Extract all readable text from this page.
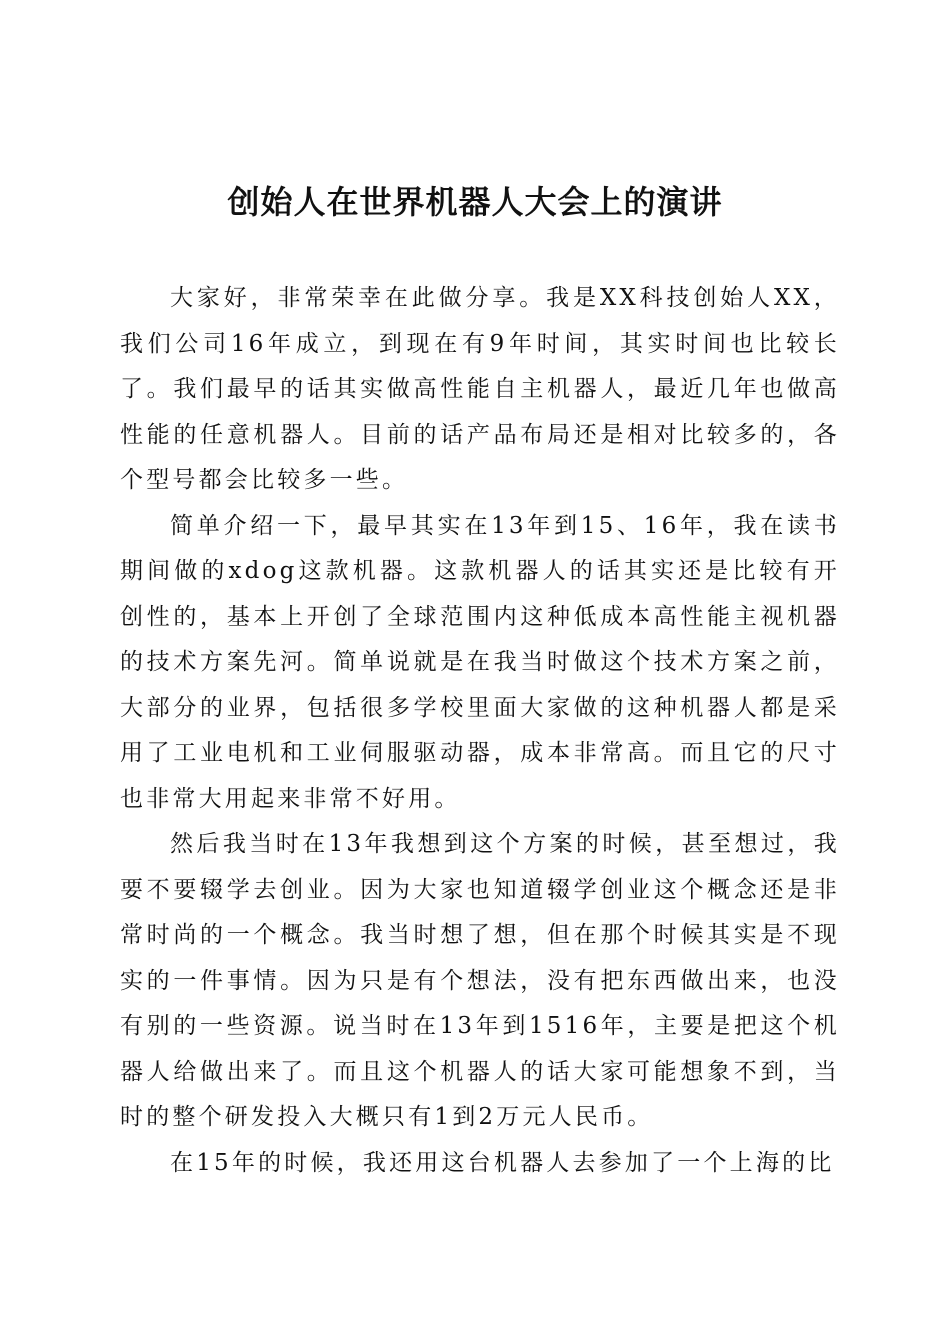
创始人在世界机器人大会上的演讲

大家好，非常荣幸在此做分享。我是XX科技创始人XX，我们公司16年成立，到现在有9年时间，其实时间也比较长了。我们最早的话其实做高性能自主机器人，最近几年也做高性能的任意机器人。目前的话产品布局还是相对比较多的，各个型号都会比较多一些。

简单介绍一下，最早其实在13年到15、16年，我在读书期间做的xdog这款机器。这款机器人的话其实还是比较有开创性的，基本上开创了全球范围内这种低成本高性能主视机器的技术方案先河。简单说就是在我当时做这个技术方案之前，大部分的业界，包括很多学校里面大家做的这种机器人都是采用了工业电机和工业伺服驱动器，成本非常高。而且它的尺寸也非常大用起来非常不好用。

然后我当时在13年我想到这个方案的时候，甚至想过，我要不要辍学去创业。因为大家也知道辍学创业这个概念还是非常时尚的一个概念。我当时想了想，但在那个时候其实是不现实的一件事情。因为只是有个想法，没有把东西做出来，也没有别的一些资源。说当时在13年到1516年，主要是把这个机器人给做出来了。而且这个机器人的话大家可能想象不到，当时的整个研发投入大概只有1到2万元人民币。

在15年的时候，我还用这台机器人去参加了一个上海的比
